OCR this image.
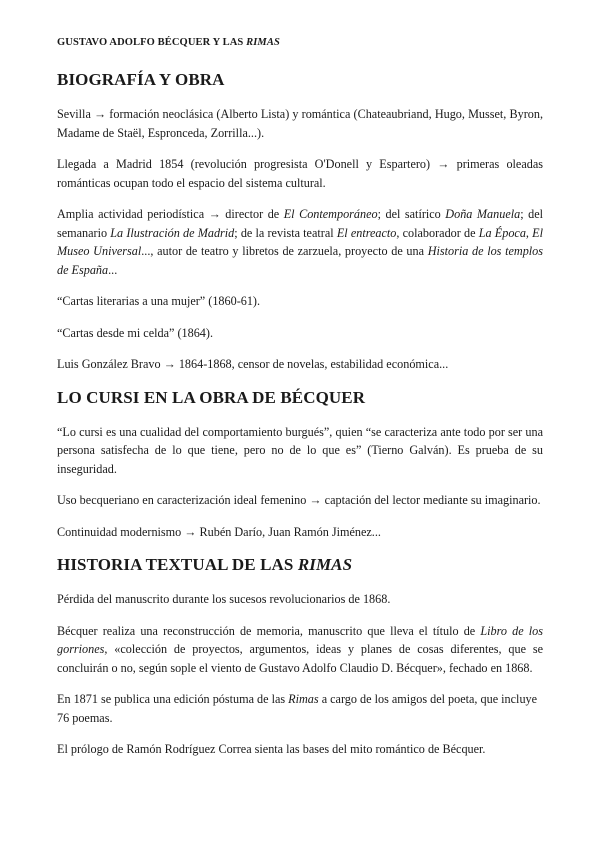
GUSTAVO ADOLFO BÉCQUER Y LAS RIMAS
BIOGRAFÍA Y OBRA

Sevilla → formación neoclásica (Alberto Lista) y romántica (Chateaubriand, Hugo, Musset, Byron, Madame de Staël, Espronceda, Zorrilla...).

Llegada a Madrid 1854 (revolución progresista O'Donell y Espartero) → primeras oleadas románticas ocupan todo el espacio del sistema cultural.

Amplia actividad periodística → director de El Contemporáneo; del satírico Doña Manuela; del semanario La Ilustración de Madrid; de la revista teatral El entreacto, colaborador de La Época, El Museo Universal..., autor de teatro y libretos de zarzuela, proyecto de una Historia de los templos de España...

“Cartas literarias a una mujer” (1860-61).

“Cartas desde mi celda” (1864).

Luis González Bravo → 1864-1868, censor de novelas, estabilidad económica...

LO CURSI EN LA OBRA DE BÉCQUER

“Lo cursi es una cualidad del comportamiento burgués”, quien “se caracteriza ante todo por ser una persona satisfecha de lo que tiene, pero no de lo que es” (Tierno Galván). Es prueba de su inseguridad.

Uso becqueriano en caracterización ideal femenino → captación del lector mediante su imaginario.

Continuidad modernismo → Rubén Darío, Juan Ramón Jiménez...

HISTORIA TEXTUAL DE LAS RIMAS

Pérdida del manuscrito durante los sucesos revolucionarios de 1868.

Bécquer realiza una reconstrucción de memoria, manuscrito que lleva el título de Libro de los gorriones, «colección de proyectos, argumentos, ideas y planes de cosas diferentes, que se concluirán o no, según sople el viento de Gustavo Adolfo Claudio D. Bécquer», fechado en 1868.

En 1871 se publica una edición póstuma de las Rimas a cargo de los amigos del poeta, que incluye 76 poemas.

El prólogo de Ramón Rodríguez Correa sienta las bases del mito romántico de Bécquer.
